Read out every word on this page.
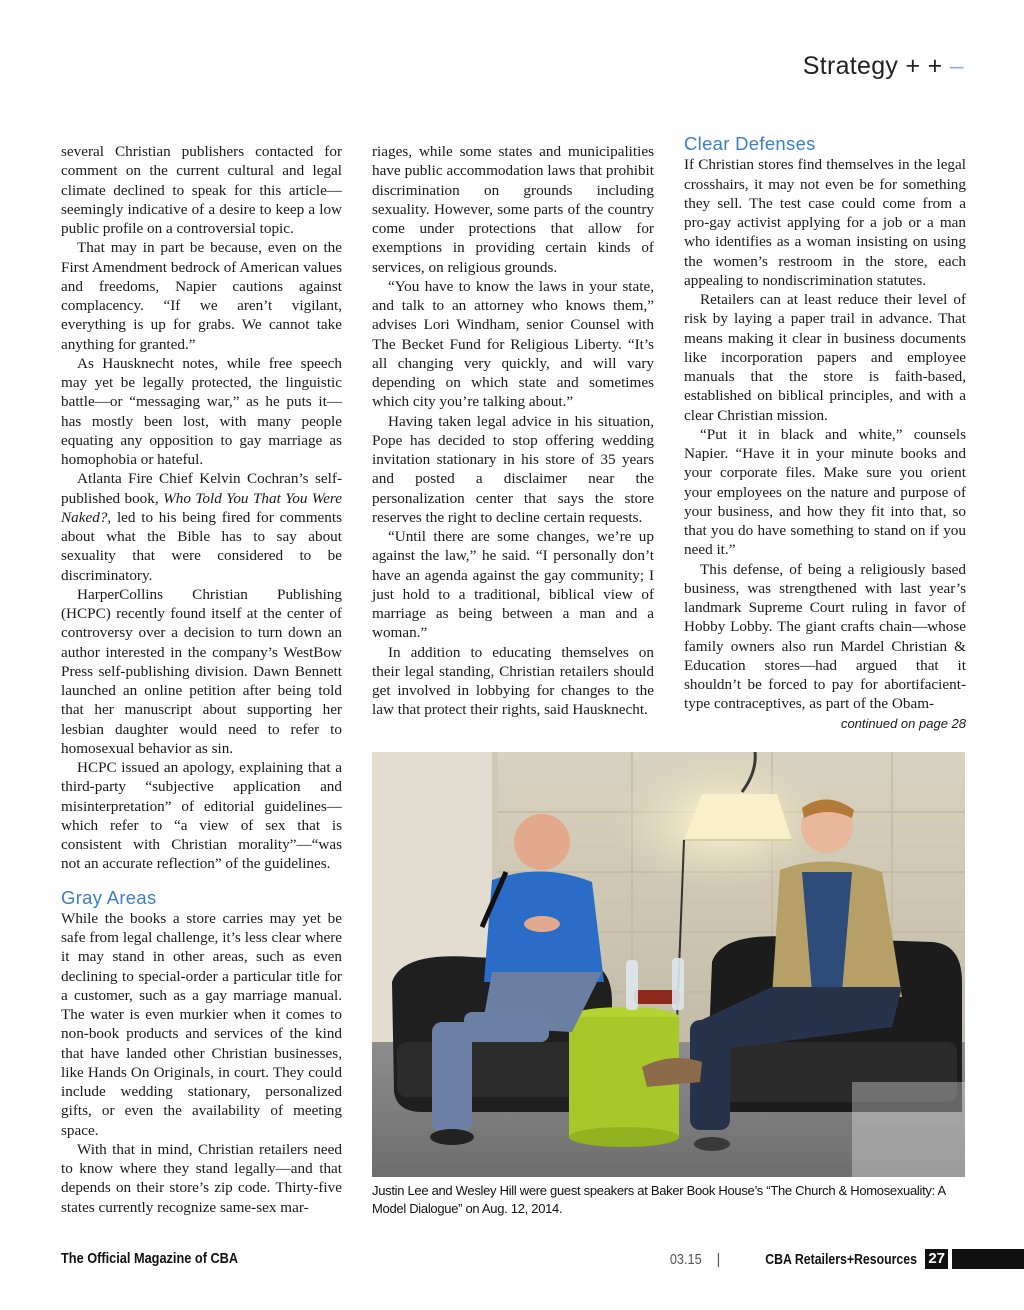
Strategy + + –

several Christian publishers contacted for comment on the current cultural and legal climate declined to speak for this article—seemingly indicative of a desire to keep a low public profile on a controversial topic.

That may in part be because, even on the First Amendment bedrock of American values and freedoms, Napier cautions against complacency. “If we aren’t vigilant, everything is up for grabs. We cannot take anything for granted.”

As Hausknecht notes, while free speech may yet be legally protected, the linguistic battle—or “messaging war,” as he puts it—has mostly been lost, with many people equating any opposition to gay marriage as homophobia or hateful.

Atlanta Fire Chief Kelvin Cochran’s self-published book, Who Told You That You Were Naked?, led to his being fired for comments about what the Bible has to say about sexuality that were considered to be discriminatory.

HarperCollins Christian Publishing (HCPC) recently found itself at the center of controversy over a decision to turn down an author interested in the company’s WestBow Press self-publishing division. Dawn Bennett launched an online petition after being told that her manuscript about supporting her lesbian daughter would need to refer to homosexual behavior as sin.

HCPC issued an apology, explaining that a third-party “subjective application and misinterpretation” of editorial guidelines—which refer to “a view of sex that is consistent with Christian morality”—“was not an accurate reflection” of the guidelines.

Gray Areas

While the books a store carries may yet be safe from legal challenge, it’s less clear where it may stand in other areas, such as even declining to special-order a particular title for a customer, such as a gay marriage manual. The water is even murkier when it comes to non-book products and services of the kind that have landed other Christian businesses, like Hands On Originals, in court. They could include wedding stationary, personalized gifts, or even the availability of meeting space.

With that in mind, Christian retailers need to know where they stand legally—and that depends on their store’s zip code. Thirty-five states currently recognize same-sex mar-

riages, while some states and municipalities have public accommodation laws that prohibit discrimination on grounds including sexuality. However, some parts of the country come under protections that allow for exemptions in providing certain kinds of services, on religious grounds.

“You have to know the laws in your state, and talk to an attorney who knows them,” advises Lori Windham, senior Counsel with The Becket Fund for Religious Liberty. “It’s all changing very quickly, and will vary depending on which state and sometimes which city you’re talking about.”

Having taken legal advice in his situation, Pope has decided to stop offering wedding invitation stationary in his store of 35 years and posted a disclaimer near the personalization center that says the store reserves the right to decline certain requests.

“Until there are some changes, we’re up against the law,” he said. “I personally don’t have an agenda against the gay community; I just hold to a traditional, biblical view of marriage as being between a man and a woman.”

In addition to educating themselves on their legal standing, Christian retailers should get involved in lobbying for changes to the law that protect their rights, said Hausknecht.

Clear Defenses

If Christian stores find themselves in the legal crosshairs, it may not even be for something they sell. The test case could come from a pro-gay activist applying for a job or a man who identifies as a woman insisting on using the women’s restroom in the store, each appealing to nondiscrimination statutes.

Retailers can at least reduce their level of risk by laying a paper trail in advance. That means making it clear in business documents like incorporation papers and employee manuals that the store is faith-based, established on biblical principles, and with a clear Christian mission.

“Put it in black and white,” counsels Napier. “Have it in your minute books and your corporate files. Make sure you orient your employees on the nature and purpose of your business, and how they fit into that, so that you do have something to stand on if you need it.”

This defense, of being a religiously based business, was strengthened with last year’s landmark Supreme Court ruling in favor of Hobby Lobby. The giant crafts chain—whose family owners also run Mardel Christian & Education stores—had argued that it shouldn’t be forced to pay for abortifacient-type contraceptives, as part of the Obam-

continued on page 28
Justin Lee and Wesley Hill were guest speakers at Baker Book House’s “The Church & Homosexuality: A Model Dialogue” on Aug. 12, 2014.
The Official Magazine of CBA	03.15 |	CBA Retailers+Resources 27
